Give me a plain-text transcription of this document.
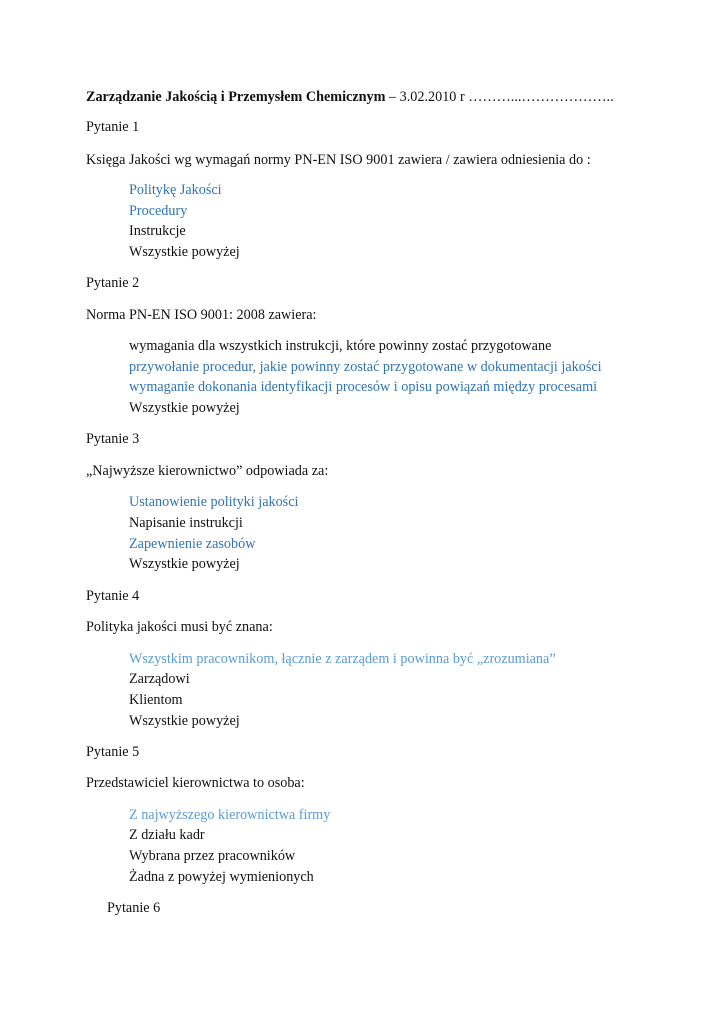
Zarządzanie Jakością i Przemysłem Chemicznym – 3.02.2010 r ………...………………..
Pytanie 1
Księga Jakości wg wymagań normy PN-EN ISO 9001 zawiera / zawiera odniesienia do :
Politykę Jakości
Procedury
Instrukcje
Wszystkie powyżej
Pytanie 2
Norma PN-EN ISO 9001: 2008 zawiera:
wymagania dla wszystkich instrukcji, które powinny zostać przygotowane
przywołanie procedur, jakie powinny zostać przygotowane w dokumentacji jakości
wymaganie dokonania identyfikacji procesów i opisu powiązań między procesami
Wszystkie powyżej
Pytanie 3
„Najwyższe kierownictwo” odpowiada za:
Ustanowienie polityki jakości
Napisanie instrukcji
Zapewnienie zasobów
Wszystkie powyżej
Pytanie 4
Polityka jakości musi być znana:
Wszystkim pracownikom, łącznie z zarządem i powinna być „zrozumiana”
Zarządowi
Klientom
Wszystkie powyżej
Pytanie 5
Przedstawiciel kierownictwa to osoba:
Z najwyższego kierownictwa firmy
Z działu kadr
Wybrana przez pracowników
Żadna z powyżej wymienionych
Pytanie 6
